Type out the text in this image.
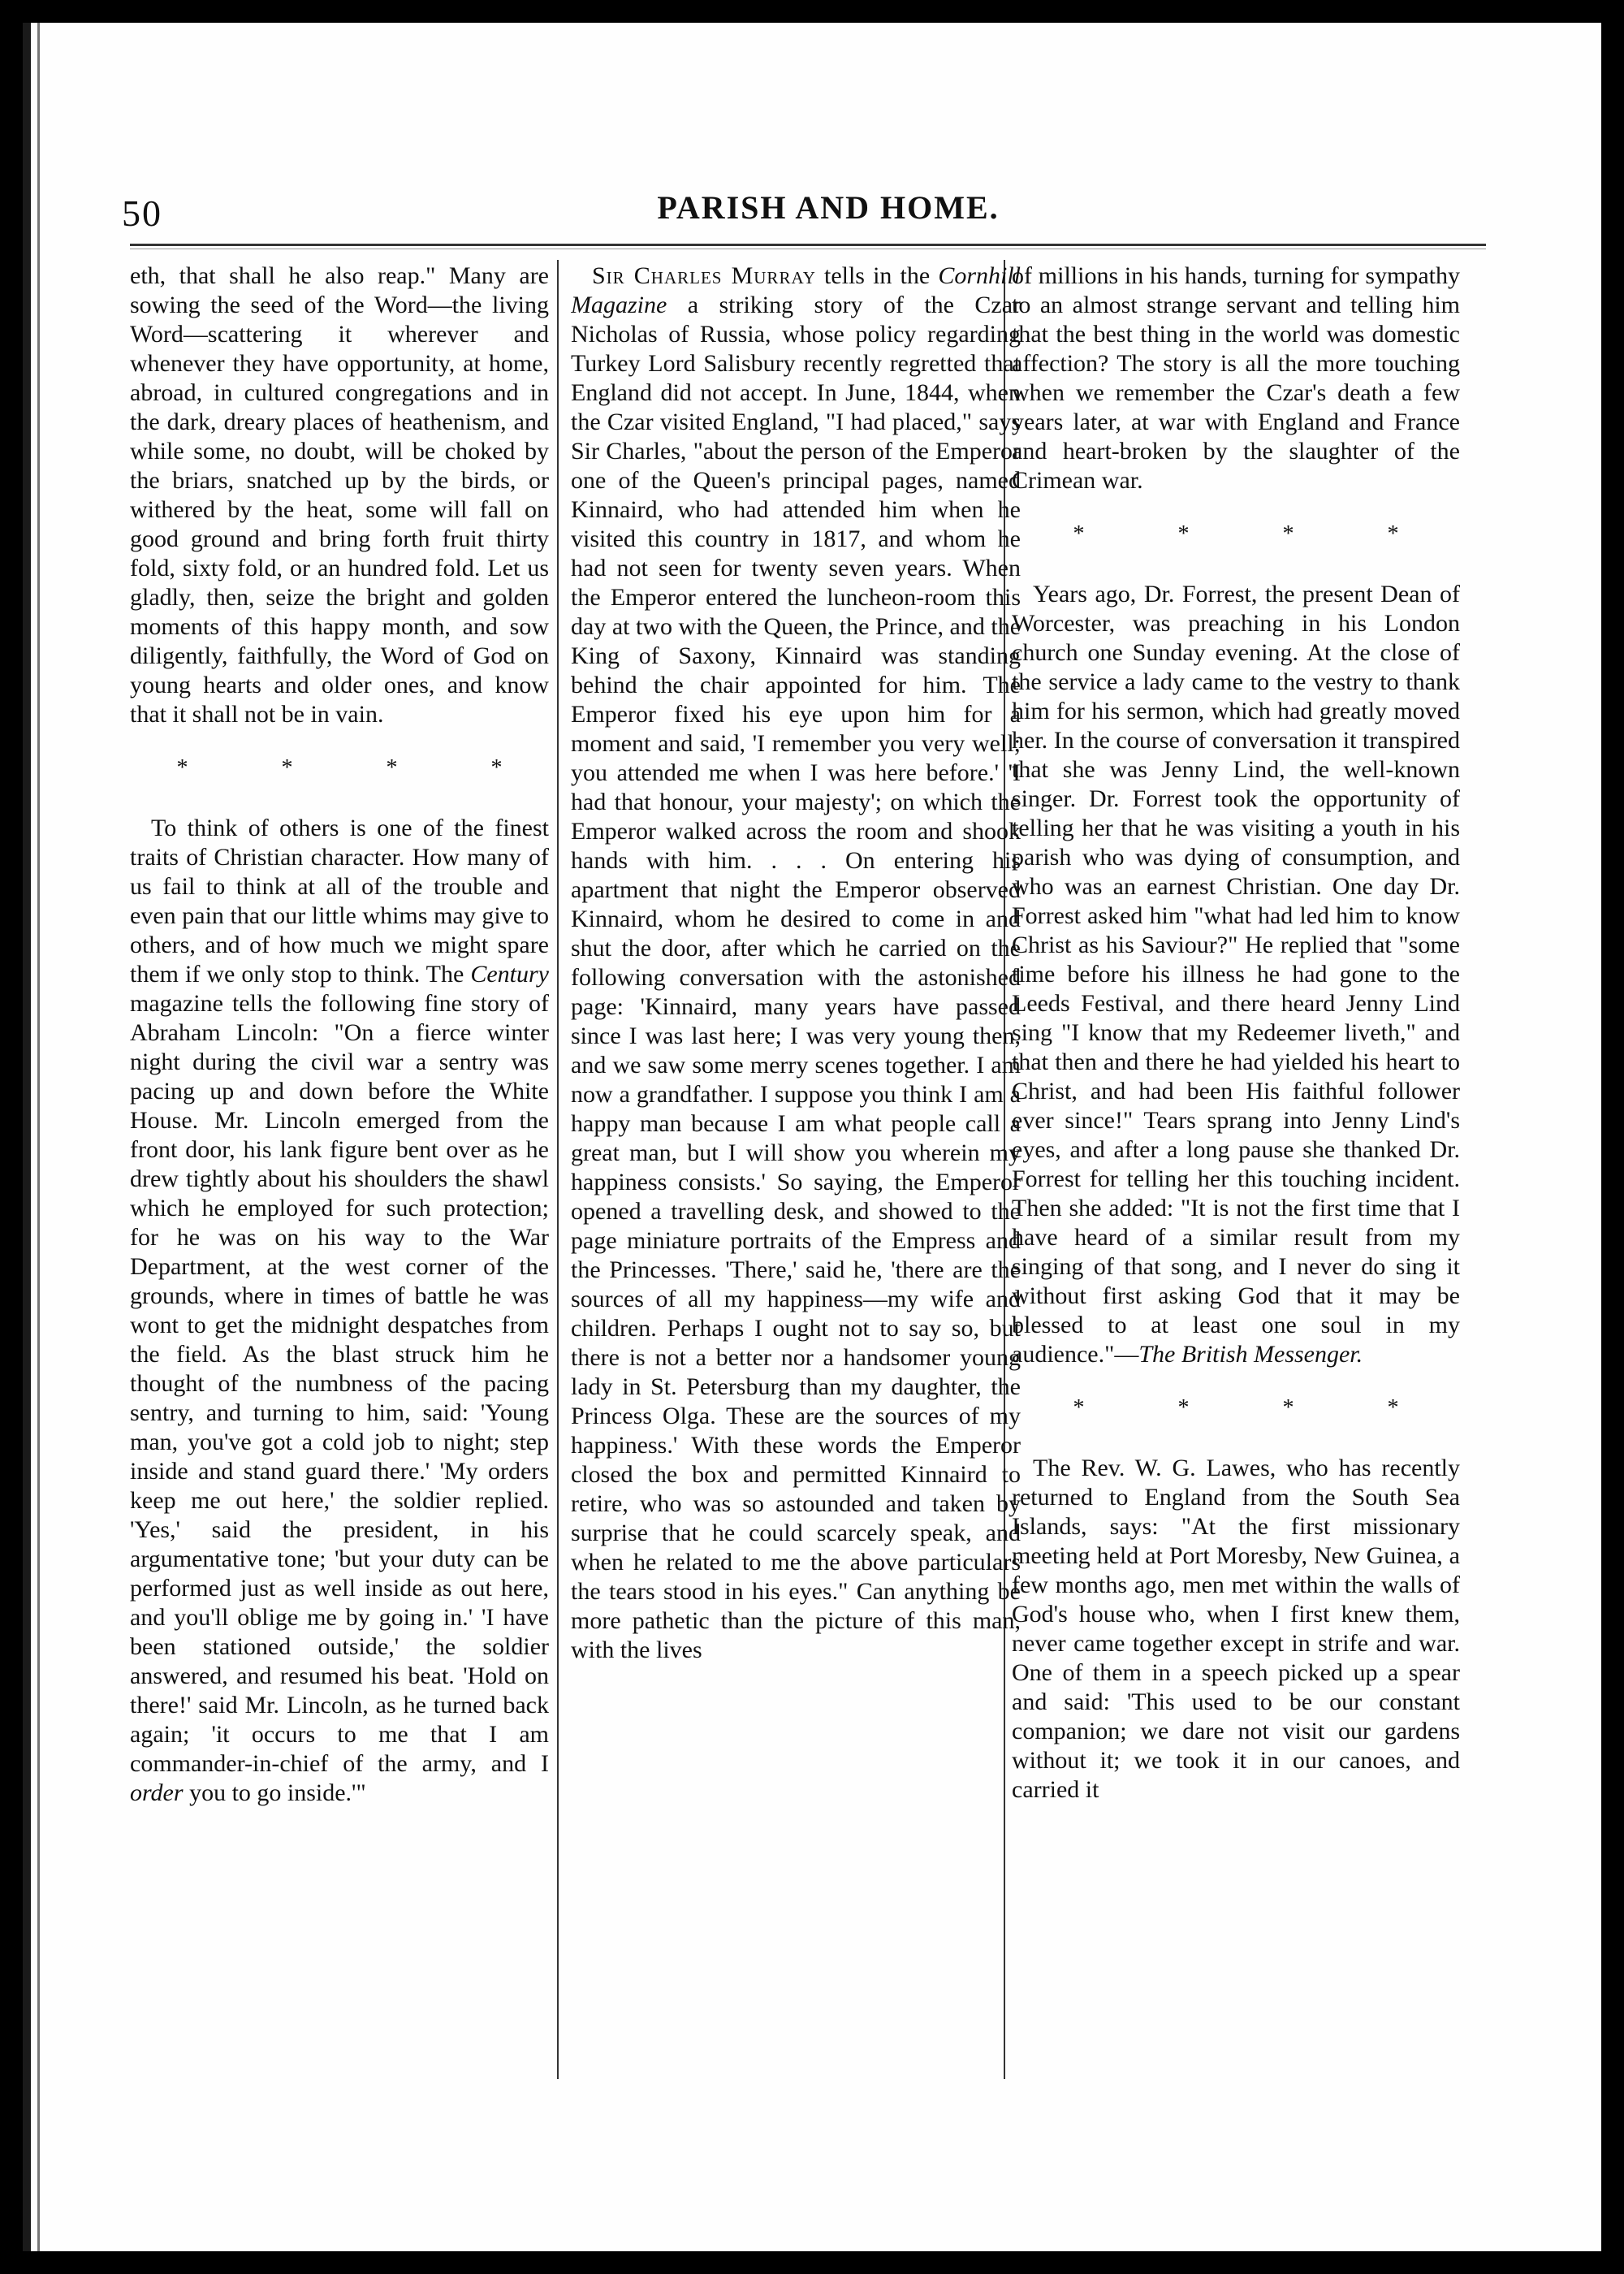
50	PARISH AND HOME.

eth, that shall he also reap." Many are sowing the seed of the Word—the living Word—scattering it wherever and whenever they have opportunity, at home, abroad, in cultured congregations and in the dark, dreary places of heathenism, and while some, no doubt, will be choked by the briars, snatched up by the birds, or withered by the heat, some will fall on good ground and bring forth fruit thirty fold, sixty fold, or an hundred fold. Let us gladly, then, seize the bright and golden moments of this happy month, and sow diligently, faithfully, the Word of God on young hearts and older ones, and know that it shall not be in vain.

* * * *

To think of others is one of the finest traits of Christian character. How many of us fail to think at all of the trouble and even pain that our little whims may give to others, and of how much we might spare them if we only stop to think. The Century magazine tells the following fine story of Abraham Lincoln: "On a fierce winter night during the civil war a sentry was pacing up and down before the White House. Mr. Lincoln emerged from the front door, his lank figure bent over as he drew tightly about his shoulders the shawl which he employed for such protection; for he was on his way to the War Department, at the west corner of the grounds, where in times of battle he was wont to get the midnight despatches from the field. As the blast struck him he thought of the numbness of the pacing sentry, and turning to him, said: 'Young man, you've got a cold job to night; step inside and stand guard there.' 'My orders keep me out here,' the soldier replied. 'Yes,' said the president, in his argumentative tone; 'but your duty can be performed just as well inside as out here, and you'll oblige me by going in.' 'I have been stationed outside,' the soldier answered, and resumed his beat. 'Hold on there!' said Mr. Lincoln, as he turned back again; 'it occurs to me that I am commander-in-chief of the army, and I order you to go inside.'"

Sir Charles Murray tells in the Cornhill Magazine a striking story of the Czar Nicholas of Russia, whose policy regarding Turkey Lord Salisbury recently regretted that England did not accept. In June, 1844, when the Czar visited England, "I had placed," says Sir Charles, "about the person of the Emperor one of the Queen's principal pages, named Kinnaird, who had attended him when he visited this country in 1817, and whom he had not seen for twenty seven years. When the Emperor entered the luncheon-room this day at two with the Queen, the Prince, and the King of Saxony, Kinnaird was standing behind the chair appointed for him. The Emperor fixed his eye upon him for a moment and said, 'I remember you very well; you attended me when I was here before.' 'I had that honour, your majesty'; on which the Emperor walked across the room and shook hands with him. . . . On entering his apartment that night the Emperor observed Kinnaird, whom he desired to come in and shut the door, after which he carried on the following conversation with the astonished page: 'Kinnaird, many years have passed since I was last here; I was very young then, and we saw some merry scenes together. I am now a grandfather. I suppose you think I am a happy man because I am what people call a great man, but I will show you wherein my happiness consists.' So saying, the Emperor opened a travelling desk, and showed to the page miniature portraits of the Empress and the Princesses. 'There,' said he, 'there are the sources of all my happiness—my wife and children. Perhaps I ought not to say so, but there is not a better nor a handsomer young lady in St. Petersburg than my daughter, the Princess Olga. These are the sources of my happiness.' With these words the Emperor closed the box and permitted Kinnaird to retire, who was so astounded and taken by surprise that he could scarcely speak, and when he related to me the above particulars the tears stood in his eyes." Can anything be more pathetic than the picture of this man, with the lives

of millions in his hands, turning for sympathy to an almost strange servant and telling him that the best thing in the world was domestic affection? The story is all the more touching when we remember the Czar's death a few years later, at war with England and France and heart-broken by the slaughter of the Crimean war.

* * * *

Years ago, Dr. Forrest, the present Dean of Worcester, was preaching in his London church one Sunday evening. At the close of the service a lady came to the vestry to thank him for his sermon, which had greatly moved her. In the course of conversation it transpired that she was Jenny Lind, the well-known singer. Dr. Forrest took the opportunity of telling her that he was visiting a youth in his parish who was dying of consumption, and who was an earnest Christian. One day Dr. Forrest asked him "what had led him to know Christ as his Saviour?" He replied that "some time before his illness he had gone to the Leeds Festival, and there heard Jenny Lind sing "I know that my Redeemer liveth," and that then and there he had yielded his heart to Christ, and had been His faithful follower ever since!" Tears sprang into Jenny Lind's eyes, and after a long pause she thanked Dr. Forrest for telling her this touching incident. Then she added: "It is not the first time that I have heard of a similar result from my singing of that song, and I never do sing it without first asking God that it may be blessed to at least one soul in my audience."—The British Messenger.

* * * *

The Rev. W. G. Lawes, who has recently returned to England from the South Sea Islands, says: "At the first missionary meeting held at Port Moresby, New Guinea, a few months ago, men met within the walls of God's house who, when I first knew them, never came together except in strife and war. One of them in a speech picked up a spear and said: 'This used to be our constant companion; we dare not visit our gardens without it; we took it in our canoes, and carried it
